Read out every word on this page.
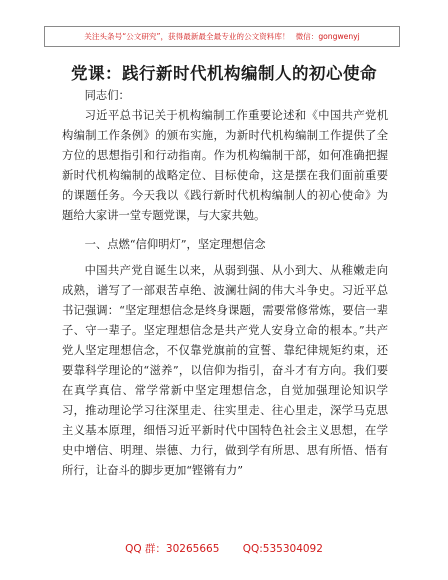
关注头条号“公文研究”，获得最新最全最专业的公文资料库！ 微信：gongwenyj
党课：践行新时代机构编制人的初心使命

同志们：

习近平总书记关于机构编制工作重要论述和《中国共产党机构编制工作条例》的颁布实施，为新时代机构编制工作提供了全方位的思想指引和行动指南。作为机构编制干部，如何准确把握新时代机构编制的战略定位、目标使命，这是摆在我们面前重要的课题任务。今天我以《践行新时代机构编制人的初心使命》为题给大家讲一堂专题党课，与大家共勉。

一、点燃“信仰明灯”，坚定理想信念

中国共产党自诞生以来，从弱到强、从小到大、从稚嫩走向成熟，谱写了一部艰苦卓绝、波澜壮阔的伟大斗争史。习近平总书记强调：“坚定理想信念是终身课题，需要常修常炼，要信一辈子、守一辈子。坚定理想信念是共产党人安身立命的根本。”共产党人坚定理想信念，不仅靠党旗前的宣誓、靠纪律规矩约束，还要靠科学理论的“滋养”，以信仰为指引，奋斗才有方向。我们要在真学真信、常学常新中坚定理想信念，自觉加强理论知识学习，推动理论学习往深里走、往实里走、往心里走，深学马克思主义基本原理，细悟习近平新时代中国特色社会主义思想，在学史中增信、明理、崇德、力行，做到学有所思、思有所悟、悟有所行，让奋斗的脚步更加“铿锵有力”

QQ 群：30265665 QQ:535304092
